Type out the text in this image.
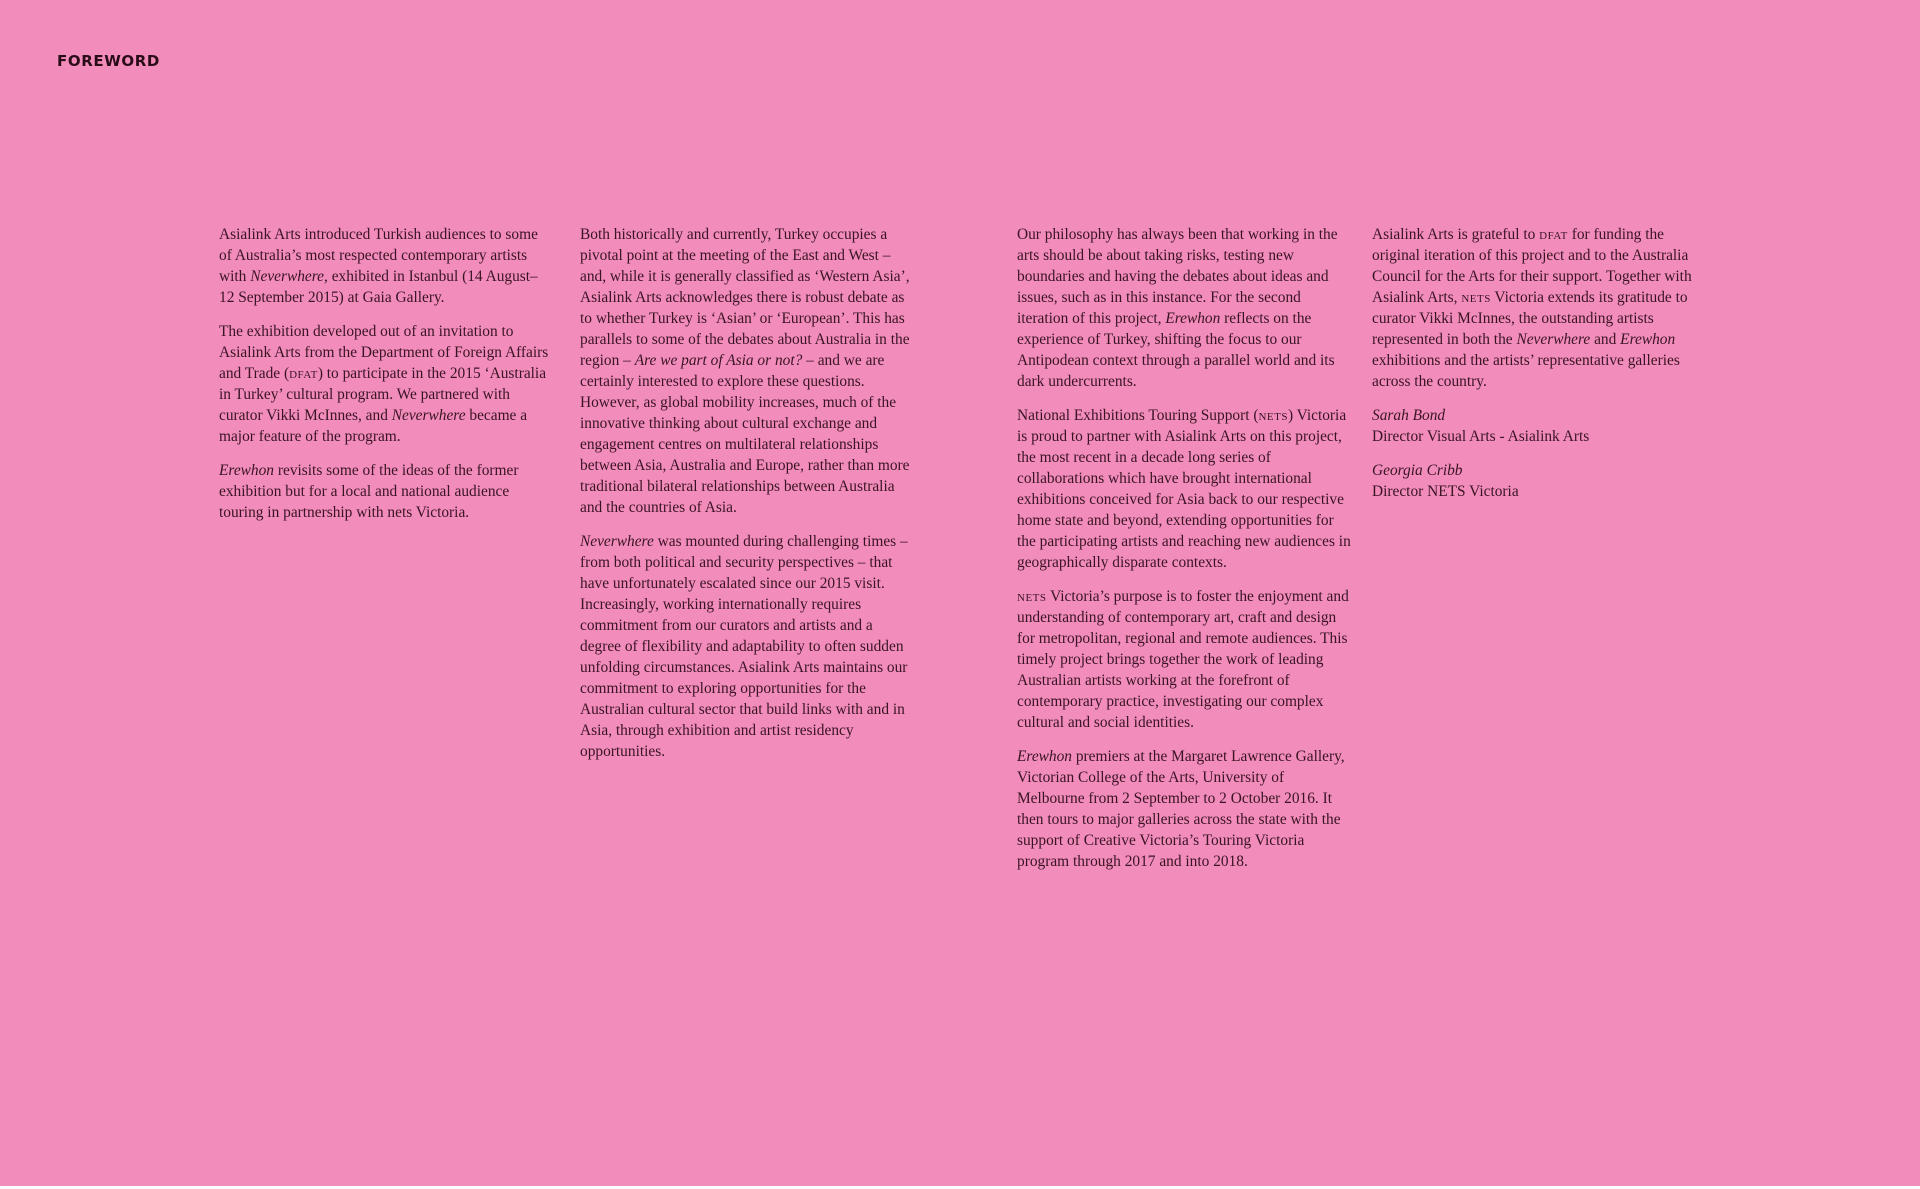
FOREWORD

Asialink Arts introduced Turkish audiences to some of Australia’s most respected contemporary artists with Neverwhere, exhibited in Istanbul (14 August–12 September 2015) at Gaia Gallery.

The exhibition developed out of an invitation to Asialink Arts from the Department of Foreign Affairs and Trade (dfat) to participate in the 2015 ‘Australia in Turkey’ cultural program. We partnered with curator Vikki McInnes, and Neverwhere became a major feature of the program.

Erewhon revisits some of the ideas of the former exhibition but for a local and national audience touring in partnership with nets Victoria.

Both historically and currently, Turkey occupies a pivotal point at the meeting of the East and West – and, while it is generally classified as ‘Western Asia’, Asialink Arts acknowledges there is robust debate as to whether Turkey is ‘Asian’ or ‘European’. This has parallels to some of the debates about Australia in the region – Are we part of Asia or not? – and we are certainly interested to explore these questions. However, as global mobility increases, much of the innovative thinking about cultural exchange and engagement centres on multilateral relationships between Asia, Australia and Europe, rather than more traditional bilateral relationships between Australia and the countries of Asia.

Neverwhere was mounted during challenging times – from both political and security perspectives – that have unfortunately escalated since our 2015 visit. Increasingly, working internationally requires commitment from our curators and artists and a degree of flexibility and adaptability to often sudden unfolding circumstances. Asialink Arts maintains our commitment to exploring opportunities for the Australian cultural sector that build links with and in Asia, through exhibition and artist residency opportunities.

Our philosophy has always been that working in the arts should be about taking risks, testing new boundaries and having the debates about ideas and issues, such as in this instance. For the second iteration of this project, Erewhon reflects on the experience of Turkey, shifting the focus to our Antipodean context through a parallel world and its dark undercurrents.

National Exhibitions Touring Support (nets) Victoria is proud to partner with Asialink Arts on this project, the most recent in a decade long series of collaborations which have brought international exhibitions conceived for Asia back to our respective home state and beyond, extending opportunities for the participating artists and reaching new audiences in geographically disparate contexts.

nets Victoria’s purpose is to foster the enjoyment and understanding of contemporary art, craft and design for metropolitan, regional and remote audiences. This timely project brings together the work of leading Australian artists working at the forefront of contemporary practice, investigating our complex cultural and social identities.

Erewhon premiers at the Margaret Lawrence Gallery, Victorian College of the Arts, University of Melbourne from 2 September to 2 October 2016. It then tours to major galleries across the state with the support of Creative Victoria’s Touring Victoria program through 2017 and into 2018.

Asialink Arts is grateful to dfat for funding the original iteration of this project and to the Australia Council for the Arts for their support. Together with Asialink Arts, nets Victoria extends its gratitude to curator Vikki McInnes, the outstanding artists represented in both the Neverwhere and Erewhon exhibitions and the artists’ representative galleries across the country.

Sarah Bond
Director Visual Arts - Asialink Arts

Georgia Cribb
Director NETS Victoria
